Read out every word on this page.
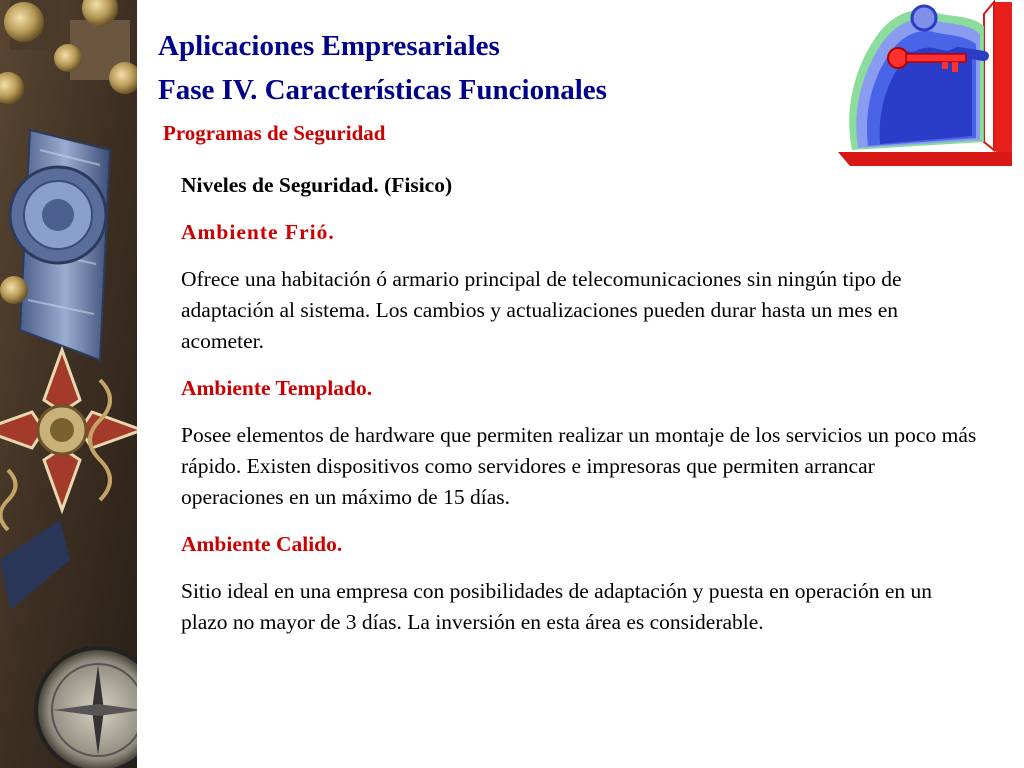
Aplicaciones Empresariales
Fase IV. Características Funcionales
Programas de Seguridad

Niveles de Seguridad. (Fisico)

Ambiente Frió.

Ofrece una habitación ó armario principal de telecomunicaciones sin ningún tipo de adaptación al sistema. Los cambios y actualizaciones pueden durar hasta un mes en acometer.

Ambiente Templado.

Posee elementos de hardware que permiten realizar un montaje de los servicios un poco más rápido. Existen dispositivos como servidores e impresoras que permiten arrancar operaciones en un máximo de 15 días.

Ambiente Calido.

Sitio ideal en una empresa con posibilidades de adaptación y puesta en operación en un plazo no mayor de 3 días. La inversión en esta área es considerable.
